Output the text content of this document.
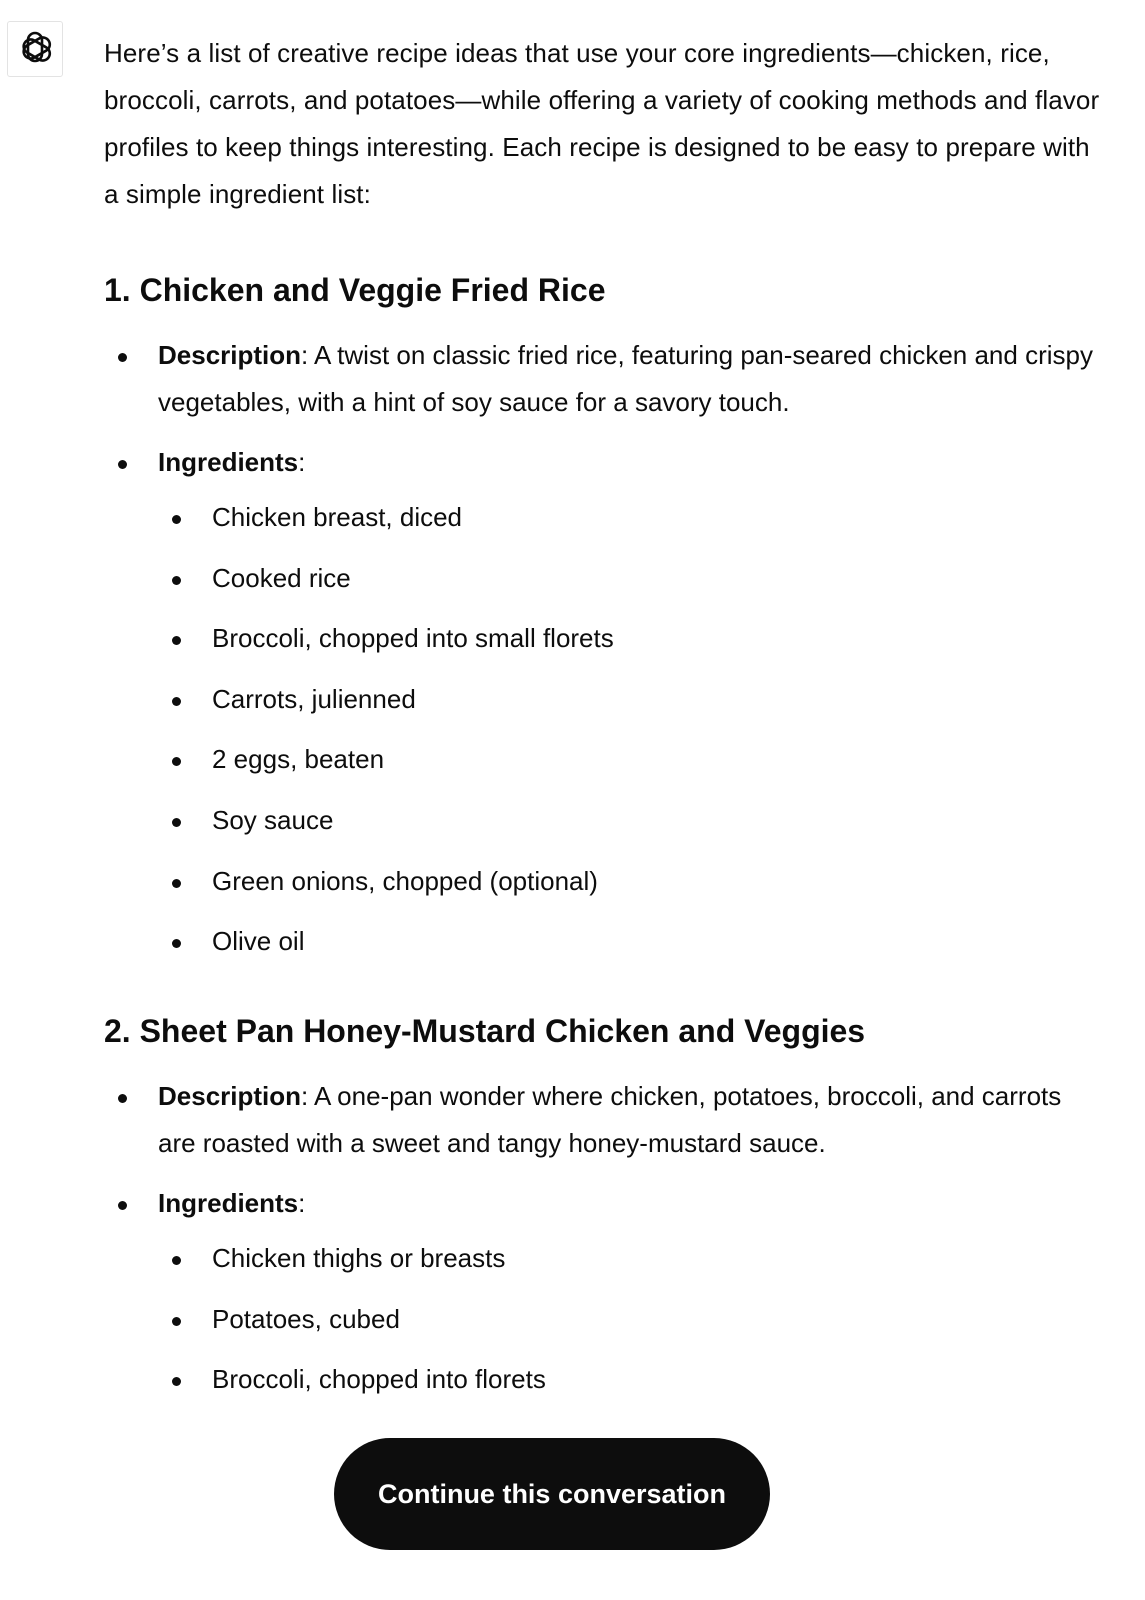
Here’s a list of creative recipe ideas that use your core ingredients—chicken, rice, broccoli, carrots, and potatoes—while offering a variety of cooking methods and flavor profiles to keep things interesting. Each recipe is designed to be easy to prepare with a simple ingredient list:

1. Chicken and Veggie Fried Rice
Description: A twist on classic fried rice, featuring pan-seared chicken and crispy vegetables, with a hint of soy sauce for a savory touch.
Ingredients:
Chicken breast, diced
Cooked rice
Broccoli, chopped into small florets
Carrots, julienned
2 eggs, beaten
Soy sauce
Green onions, chopped (optional)
Olive oil
2. Sheet Pan Honey-Mustard Chicken and Veggies
Description: A one-pan wonder where chicken, potatoes, broccoli, and carrots are roasted with a sweet and tangy honey-mustard sauce.
Ingredients:
Chicken thighs or breasts
Potatoes, cubed
Broccoli, chopped into florets
Continue this conversation
